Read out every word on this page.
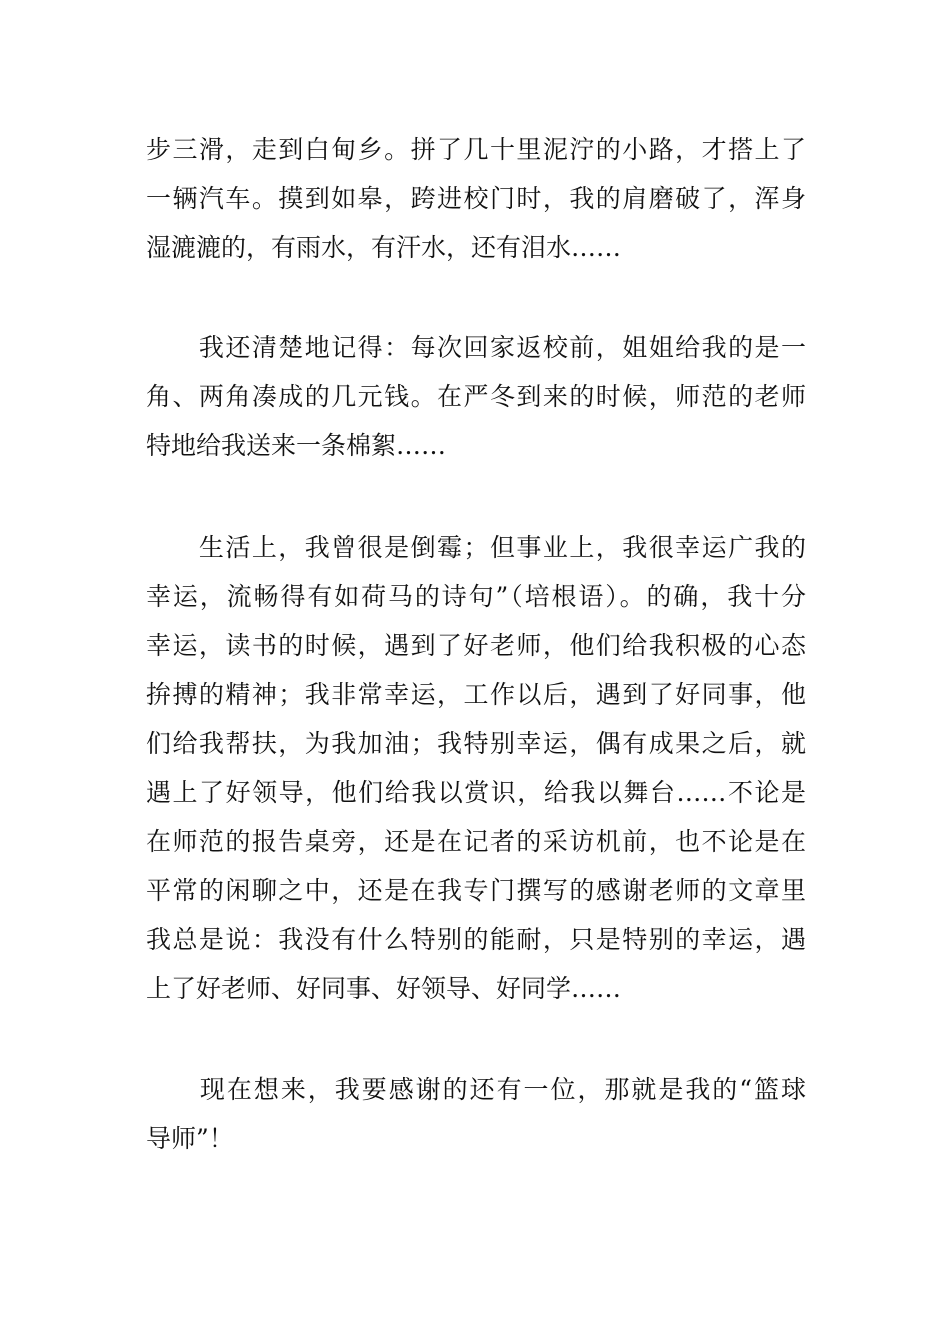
步三滑，走到白甸乡。拼了几十里泥泞的小路，才搭上了
一辆汽车。摸到如皋，跨进校门时，我的肩磨破了，浑身
湿漉漉的，有雨水，有汗水，还有泪水……
　　我还清楚地记得：每次回家返校前，姐姐给我的是一
角、两角凑成的几元钱。在严冬到来的时候，师范的老师
特地给我送来一条棉絮……
　　生活上，我曾很是倒霉；但事业上，我很幸运广我的
幸运，流畅得有如荷马的诗句”（培根语）。的确，我十分
幸运，读书的时候，遇到了好老师，他们给我积极的心态
拚搏的精神；我非常幸运，工作以后，遇到了好同事，他
们给我帮扶，为我加油；我特别幸运，偶有成果之后，就
遇上了好领导，他们给我以赏识，给我以舞台……不论是
在师范的报告桌旁，还是在记者的采访机前，也不论是在
平常的闲聊之中，还是在我专门撰写的感谢老师的文章里
我总是说：我没有什么特别的能耐，只是特别的幸运，遇
上了好老师、好同事、好领导、好同学……
　　现在想来，我要感谢的还有一位，那就是我的“篮球
导师”！
